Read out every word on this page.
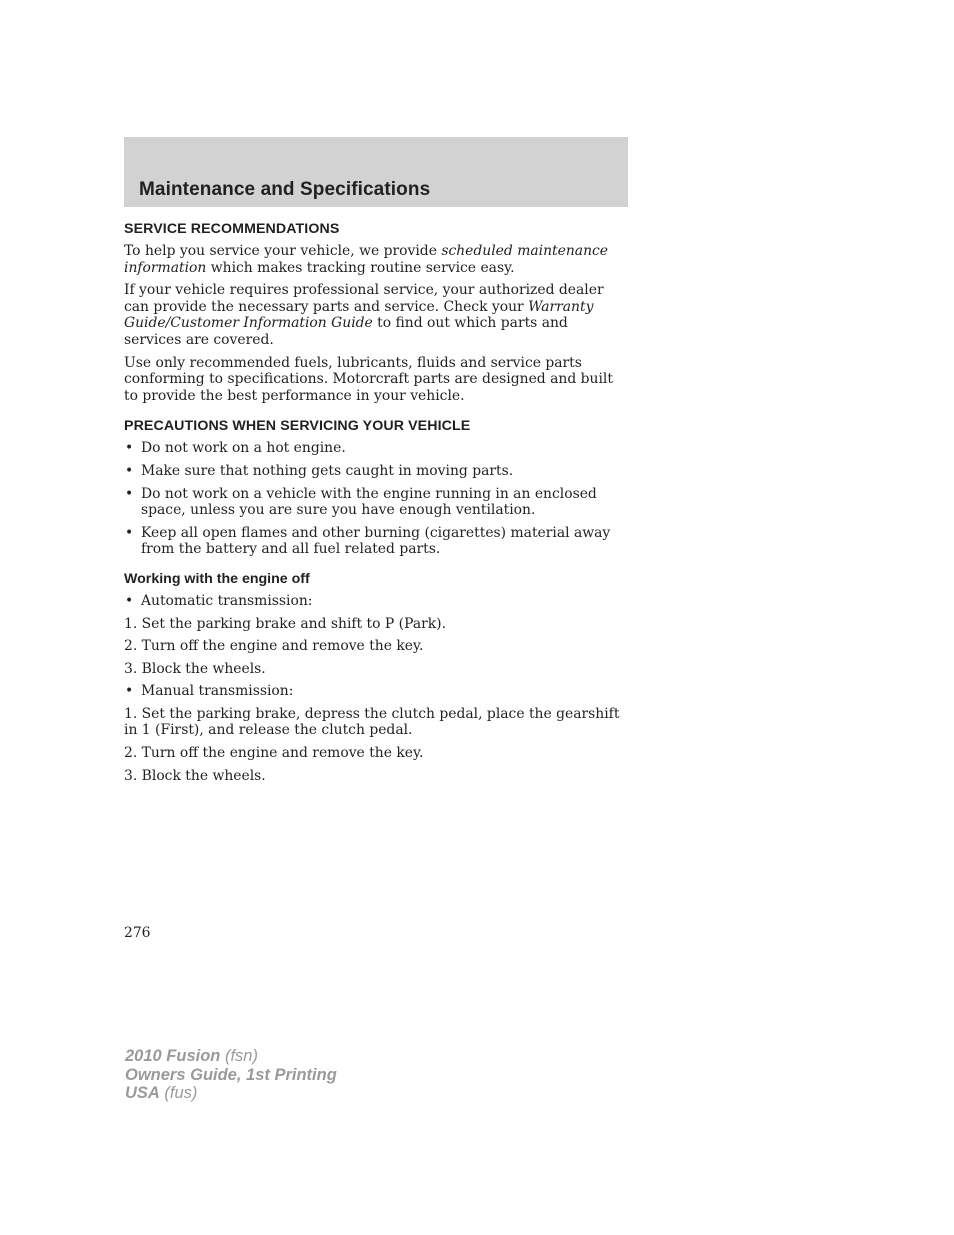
Maintenance and Specifications
SERVICE RECOMMENDATIONS

To help you service your vehicle, we provide scheduled maintenance information which makes tracking routine service easy.

If your vehicle requires professional service, your authorized dealer can provide the necessary parts and service. Check your Warranty Guide/Customer Information Guide to find out which parts and services are covered.

Use only recommended fuels, lubricants, fluids and service parts conforming to specifications. Motorcraft parts are designed and built to provide the best performance in your vehicle.

PRECAUTIONS WHEN SERVICING YOUR VEHICLE
• Do not work on a hot engine.
• Make sure that nothing gets caught in moving parts.
• Do not work on a vehicle with the engine running in an enclosed space, unless you are sure you have enough ventilation.
• Keep all open flames and other burning (cigarettes) material away from the battery and all fuel related parts.
Working with the engine off
• Automatic transmission:
1. Set the parking brake and shift to P (Park).
2. Turn off the engine and remove the key.
3. Block the wheels.
• Manual transmission:
1. Set the parking brake, depress the clutch pedal, place the gearshift in 1 (First), and release the clutch pedal.
2. Turn off the engine and remove the key.
3. Block the wheels.

276

2010 Fusion (fsn)
Owners Guide, 1st Printing
USA (fus)
